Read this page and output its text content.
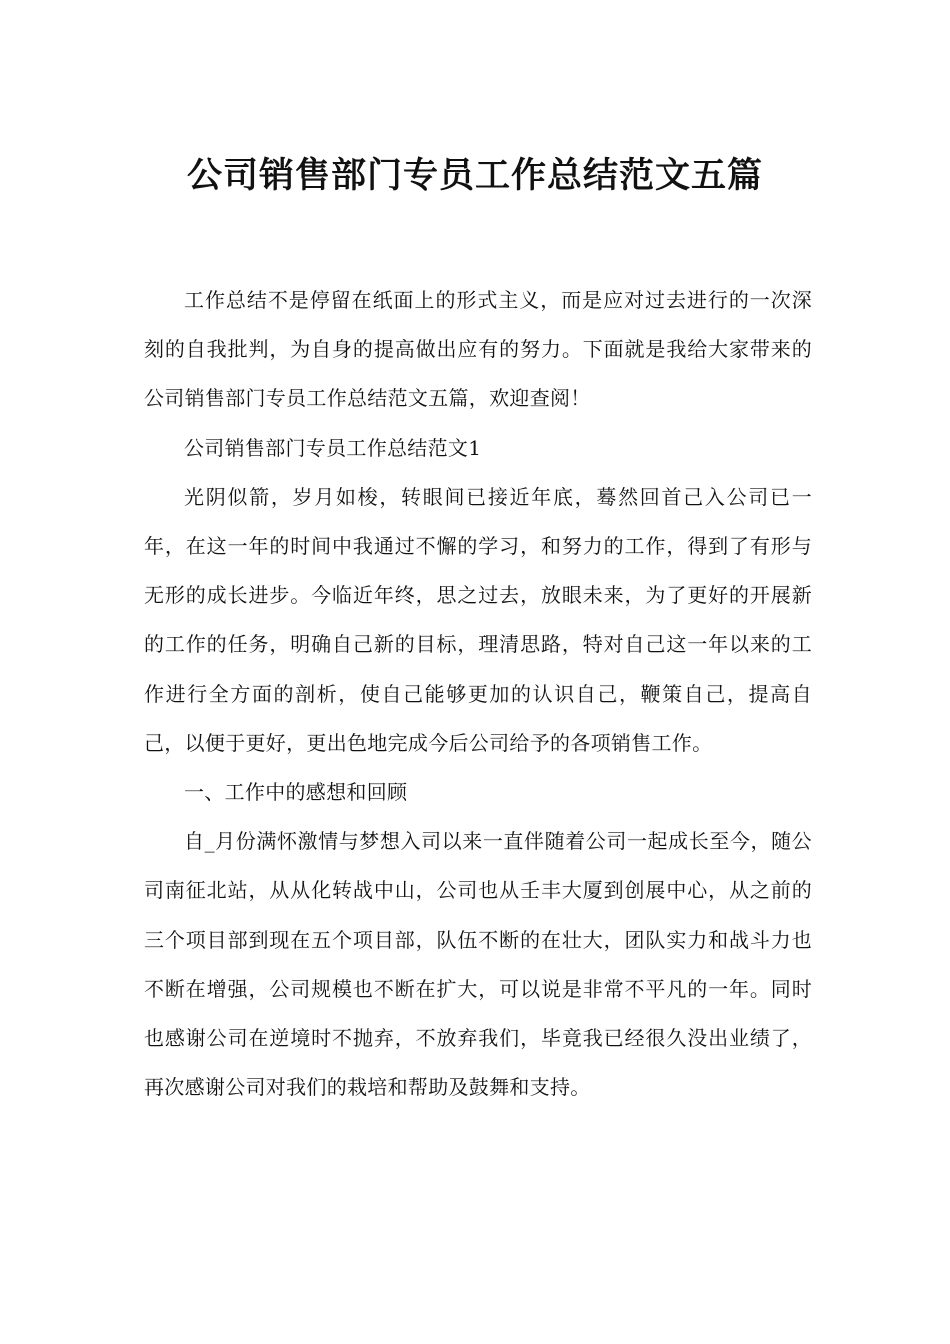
公司销售部门专员工作总结范文五篇

工作总结不是停留在纸面上的形式主义，而是应对过去进行的一次深刻的自我批判，为自身的提高做出应有的努力。下面就是我给大家带来的公司销售部门专员工作总结范文五篇，欢迎查阅！

公司销售部门专员工作总结范文1

光阴似箭，岁月如梭，转眼间已接近年底，蓦然回首己入公司已一年，在这一年的时间中我通过不懈的学习，和努力的工作，得到了有形与无形的成长进步。今临近年终，思之过去，放眼未来，为了更好的开展新的工作的任务，明确自己新的目标，理清思路，特对自己这一年以来的工作进行全方面的剖析，使自己能够更加的认识自己，鞭策自己，提高自己，以便于更好，更出色地完成今后公司给予的各项销售工作。

一、工作中的感想和回顾

自_月份满怀激情与梦想入司以来一直伴随着公司一起成长至今，随公司南征北站，从从化转战中山，公司也从壬丰大厦到创展中心，从之前的三个项目部到现在五个项目部，队伍不断的在壮大，团队实力和战斗力也不断在增强，公司规模也不断在扩大，可以说是非常不平凡的一年。同时也感谢公司在逆境时不抛弃，不放弃我们，毕竟我已经很久没出业绩了，再次感谢公司对我们的栽培和帮助及鼓舞和支持。
